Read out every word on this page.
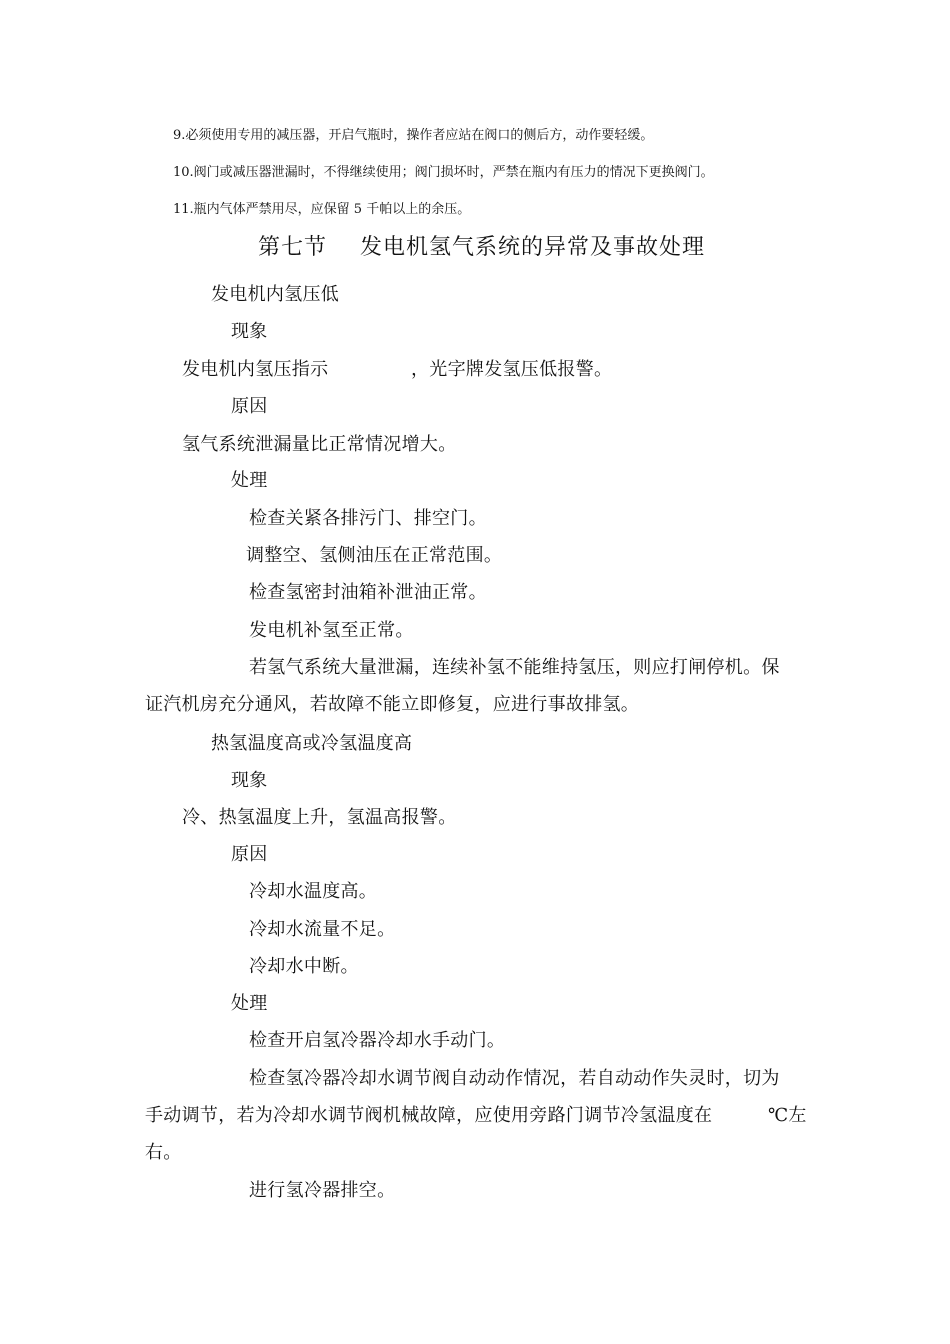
9.必须使用专用的减压器，开启气瓶时，操作者应站在阀口的侧后方，动作要轻缓。

10.阀门或减压器泄漏时，不得继续使用；阀门损坏时，严禁在瓶内有压力的情况下更换阀门。

11.瓶内气体严禁用尽，应保留 5 千帕以上的余压。

第七节 发电机氢气系统的异常及事故处理

发电机内氢压低

现象

发电机内氢压指示	，光字牌发氢压低报警。

原因

氢气系统泄漏量比正常情况增大。

处理

检查关紧各排污门、排空门。

调整空、氢侧油压在正常范围。

检查氢密封油箱补泄油正常。

发电机补氢至正常。

若氢气系统大量泄漏，连续补氢不能维持氢压，则应打闸停机。保

证汽机房充分通风，若故障不能立即修复，应进行事故排氢。

热氢温度高或冷氢温度高

现象

冷、热氢温度上升，氢温高报警。

原因

冷却水温度高。

冷却水流量不足。

冷却水中断。

处理

检查开启氢冷器冷却水手动门。

检查氢冷器冷却水调节阀自动动作情况，若自动动作失灵时，切为

手动调节，若为冷却水调节阀机械故障，应使用旁路门调节冷氢温度在	℃左

右。

进行氢冷器排空。
